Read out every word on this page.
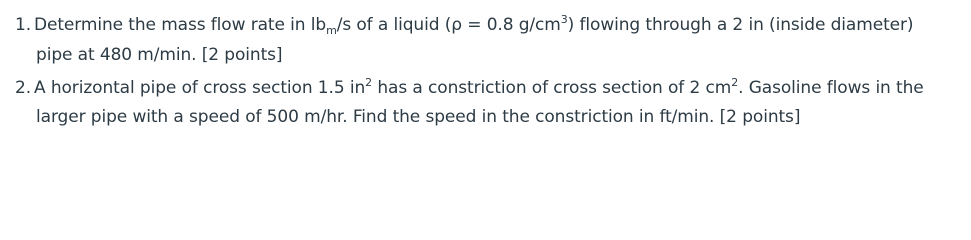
1. Determine the mass flow rate in $lb_m/s$ of a liquid (ρ = 0.8 $g/cm^3$) flowing through a 2 in (inside diameter)
pipe at 480 m/min. [2 points]
2. A horizontal pipe of cross section 1.5 $in^2$ has a constriction of cross section of 2 $cm^2$. Gasoline flows in the
larger pipe with a speed of 500 m/hr. Find the speed in the constriction in ft/min. [2 points]
